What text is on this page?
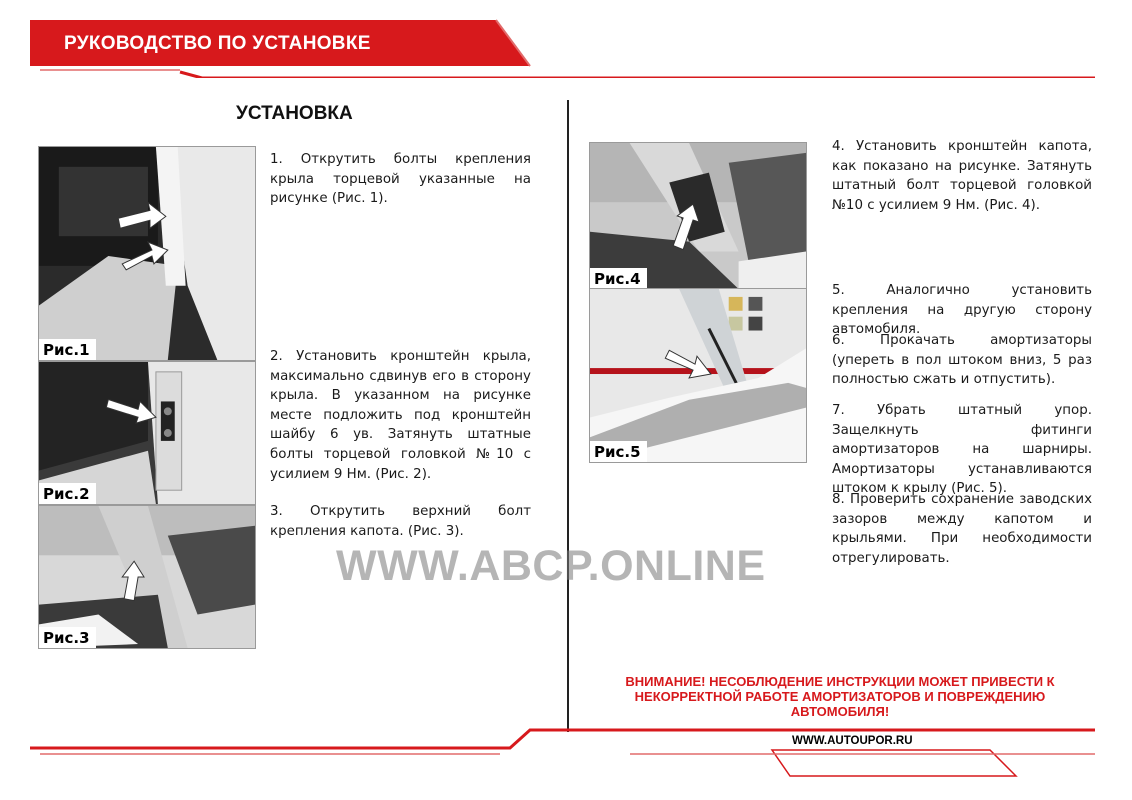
РУКОВОДСТВО ПО УСТАНОВКЕ
УСТАНОВКА
Рис.1
Рис.2
Рис.3
Рис.4
Рис.5
1. Открутить болты крепления крыла торцевой указанные на рисунке (Рис. 1).
2. Установить кронштейн крыла, максимально сдвинув его в сторону крыла. В указанном на рисунке месте подложить под кронштейн шайбу 6 ув. Затянуть штатные болты торцевой головкой №10 с усилием 9 Нм. (Рис. 2).
3. Открутить верхний болт крепления капота. (Рис. 3).
4. Установить кронштейн капота, как показано на рисунке. Затянуть штатный болт торцевой головкой №10 с усилием 9 Нм. (Рис. 4).
5. Аналогично установить крепления на другую сторону автомобиля.
6. Прокачать амортизаторы (упереть в пол штоком вниз, 5 раз полностью сжать и отпустить).
7. Убрать штатный упор. Защелкнуть фитинги амортизаторов на шарниры. Амортизаторы устанавливаются штоком к крылу (Рис. 5).
8. Проверить сохранение заводских зазоров между капотом и крыльями. При необходимости отрегулировать.
WWW.ABCP.ONLINE
ВНИМАНИЕ! НЕСОБЛЮДЕНИЕ ИНСТРУКЦИИ МОЖЕТ ПРИВЕСТИ К НЕКОРРЕКТНОЙ РАБОТЕ АМОРТИЗАТОРОВ И ПОВРЕЖДЕНИЮ АВТОМОБИЛЯ!
WWW.AUTOUPOR.RU
